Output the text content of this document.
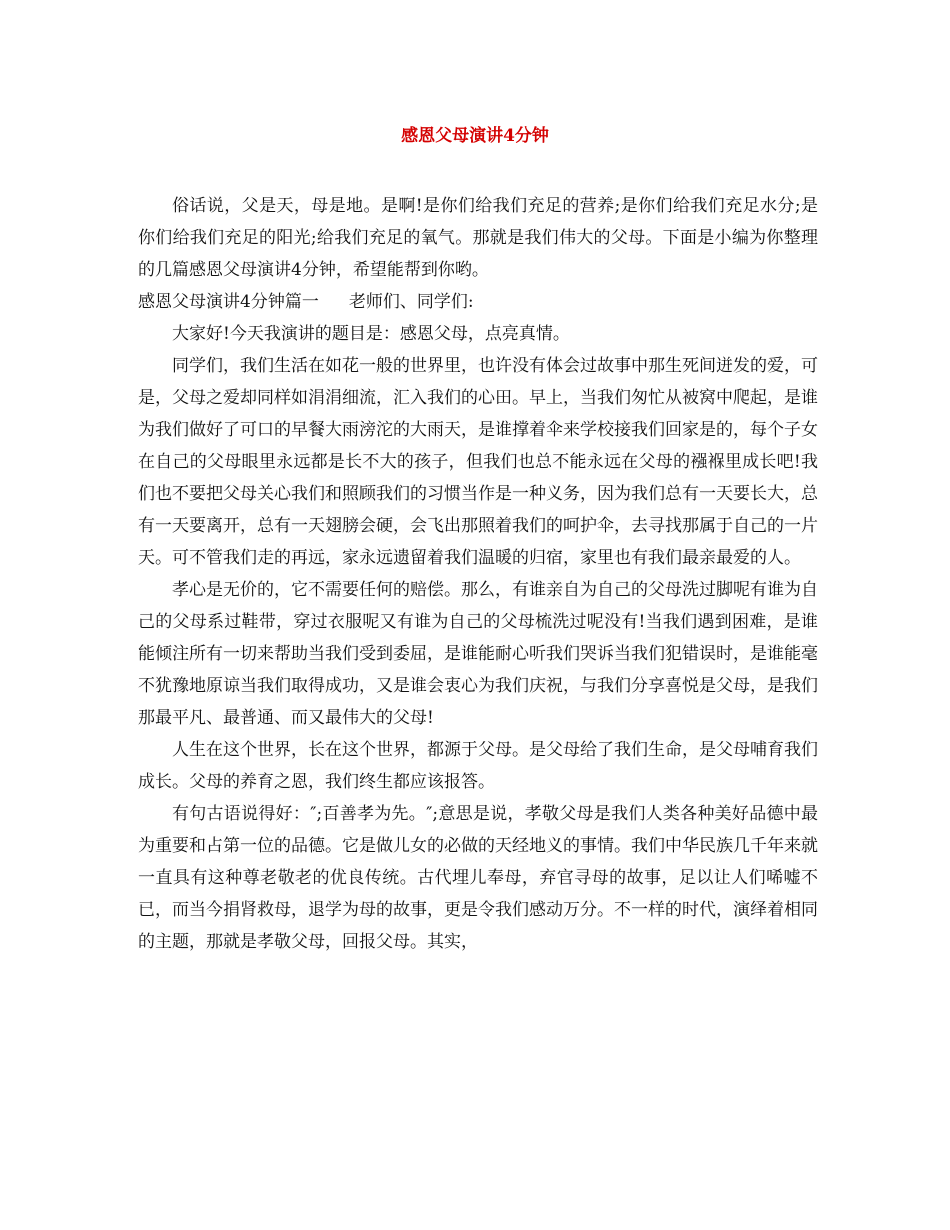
感恩父母演讲4分钟

俗话说，父是天，母是地。是啊!是你们给我们充足的营养;是你们给我们充足水分;是你们给我们充足的阳光;给我们充足的氧气。那就是我们伟大的父母。下面是小编为你整理的几篇感恩父母演讲4分钟，希望能帮到你哟。

感恩父母演讲4分钟篇一 老师们、同学们:

大家好!今天我演讲的题目是：感恩父母，点亮真情。

同学们，我们生活在如花一般的世界里，也许没有体会过故事中那生死间迸发的爱，可是，父母之爱却同样如涓涓细流，汇入我们的心田。早上，当我们匆忙从被窝中爬起，是谁为我们做好了可口的早餐大雨滂沱的大雨天，是谁撑着伞来学校接我们回家是的，每个子女在自己的父母眼里永远都是长不大的孩子，但我们也总不能永远在父母的襁褓里成长吧!我们也不要把父母关心我们和照顾我们的习惯当作是一种义务，因为我们总有一天要长大，总有一天要离开，总有一天翅膀会硬，会飞出那照着我们的呵护伞，去寻找那属于自己的一片天。可不管我们走的再远，家永远遗留着我们温暖的归宿，家里也有我们最亲最爱的人。

孝心是无价的，它不需要任何的赔偿。那么，有谁亲自为自己的父母洗过脚呢有谁为自己的父母系过鞋带，穿过衣服呢又有谁为自己的父母梳洗过呢没有!当我们遇到困难，是谁能倾注所有一切来帮助当我们受到委屈，是谁能耐心听我们哭诉当我们犯错误时，是谁能毫不犹豫地原谅当我们取得成功，又是谁会衷心为我们庆祝，与我们分享喜悦是父母，是我们那最平凡、最普通、而又最伟大的父母!

人生在这个世界，长在这个世界，都源于父母。是父母给了我们生命，是父母哺育我们成长。父母的养育之恩，我们终生都应该报答。

有句古语说得好：″;百善孝为先。″;意思是说，孝敬父母是我们人类各种美好品德中最为重要和占第一位的品德。它是做儿女的必做的天经地义的事情。我们中华民族几千年来就一直具有这种尊老敬老的优良传统。古代埋儿奉母，弃官寻母的故事，足以让人们唏嘘不已，而当今捐肾救母，退学为母的故事，更是令我们感动万分。不一样的时代，演绎着相同的主题，那就是孝敬父母，回报父母。其实，
